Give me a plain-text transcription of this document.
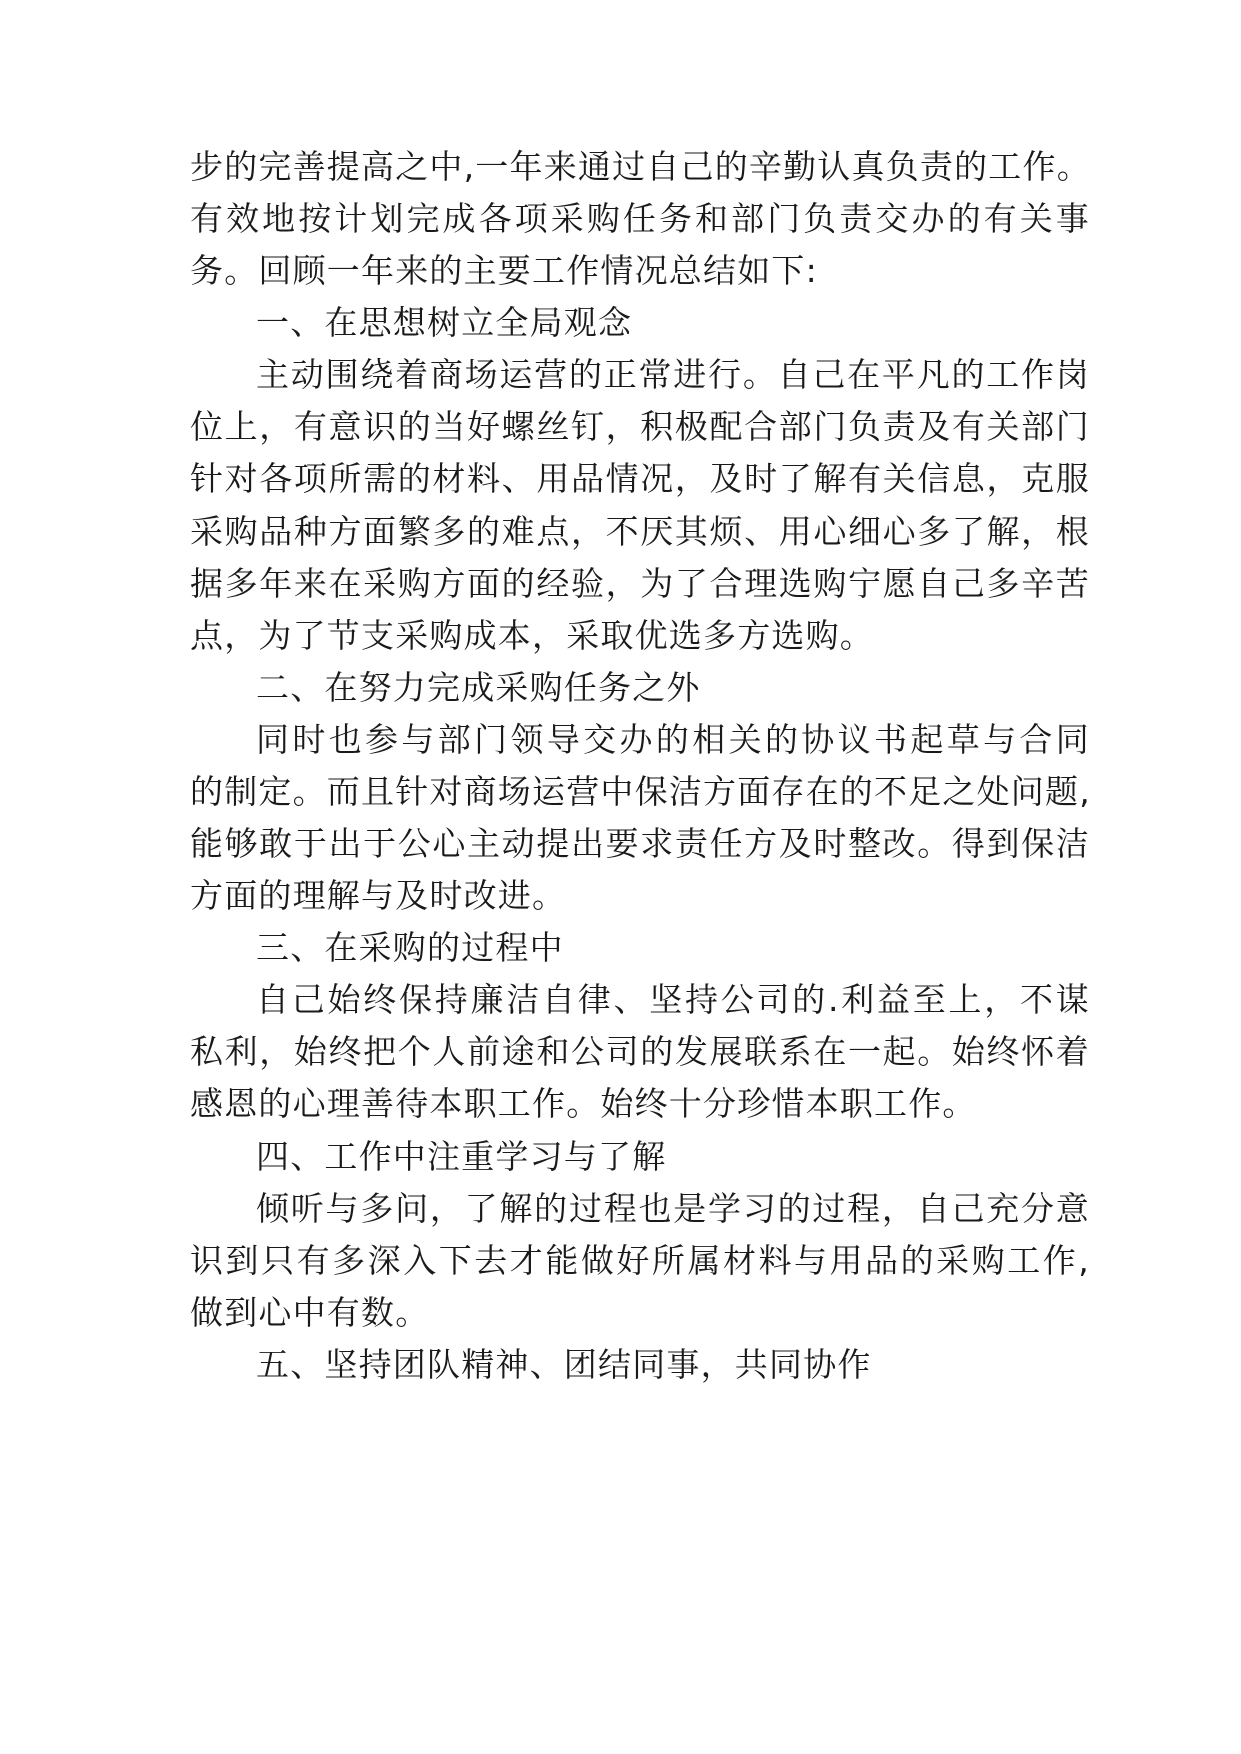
步的完善提高之中,一年来通过自己的辛勤认真负责的工作。
有效地按计划完成各项采购任务和部门负责交办的有关事
务。回顾一年来的主要工作情况总结如下:
一、在思想树立全局观念
主动围绕着商场运营的正常进行。自己在平凡的工作岗
位上，有意识的当好螺丝钉，积极配合部门负责及有关部门
针对各项所需的材料、用品情况，及时了解有关信息，克服
采购品种方面繁多的难点，不厌其烦、用心细心多了解，根
据多年来在采购方面的经验，为了合理选购宁愿自己多辛苦
点，为了节支采购成本，采取优选多方选购。
二、在努力完成采购任务之外
同时也参与部门领导交办的相关的协议书起草与合同
的制定。而且针对商场运营中保洁方面存在的不足之处问题,
能够敢于出于公心主动提出要求责任方及时整改。得到保洁
方面的理解与及时改进。
三、在采购的过程中
自己始终保持廉洁自律、坚持公司的.利益至上，不谋
私利，始终把个人前途和公司的发展联系在一起。始终怀着
感恩的心理善待本职工作。始终十分珍惜本职工作。
四、工作中注重学习与了解
倾听与多问，了解的过程也是学习的过程，自己充分意
识到只有多深入下去才能做好所属材料与用品的采购工作,
做到心中有数。
五、坚持团队精神、团结同事，共同协作
